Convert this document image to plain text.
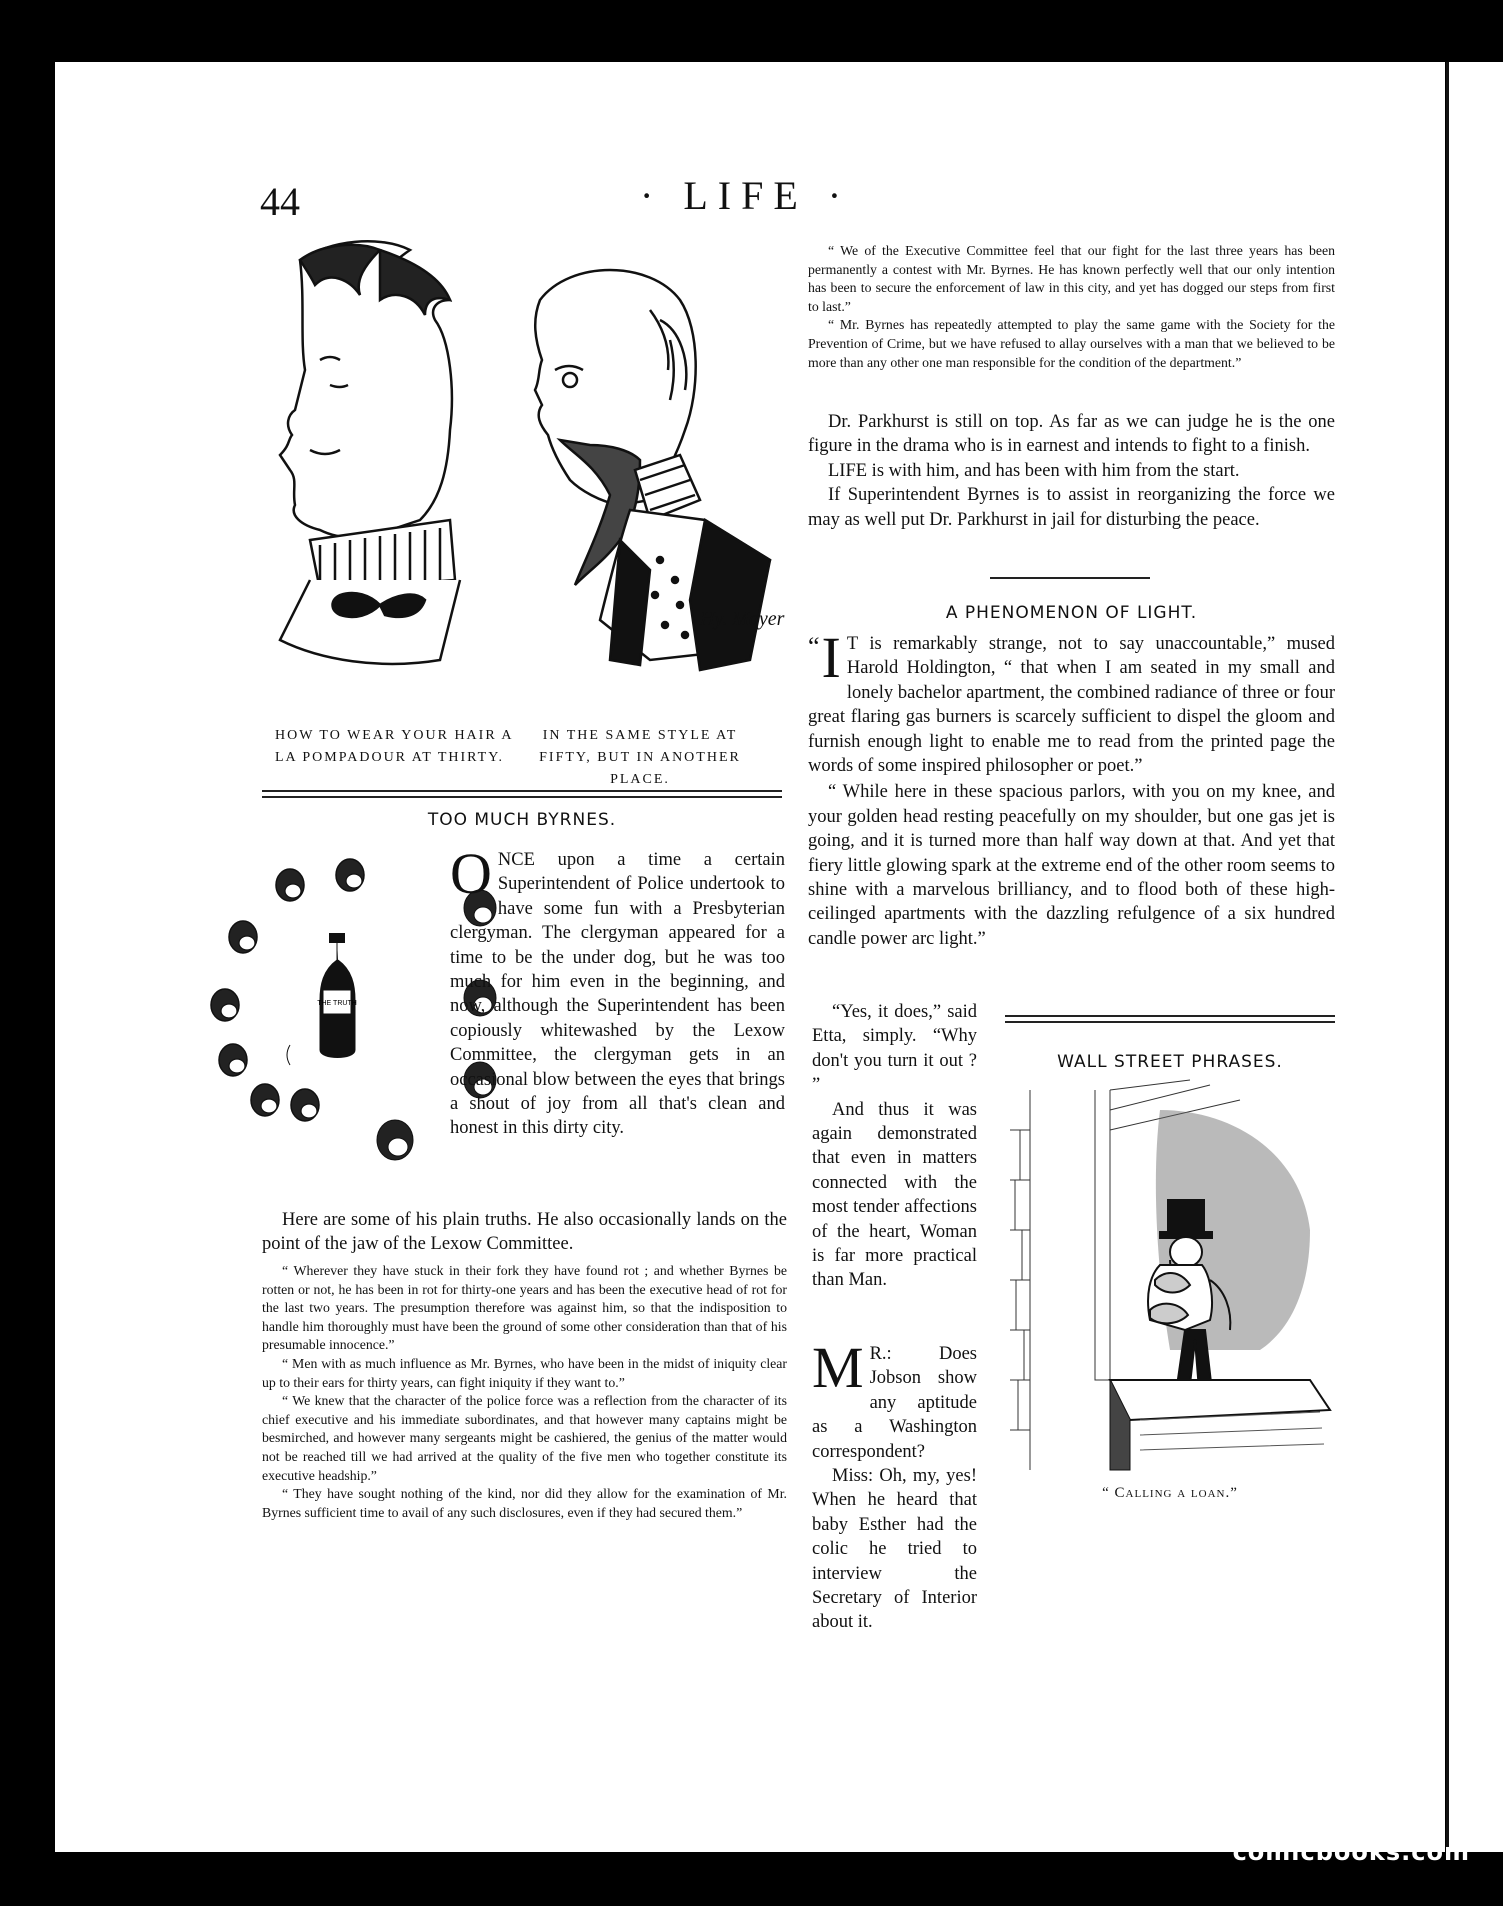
44	· LIFE ·
Hy. Mayer
HOW TO WEAR YOUR HAIR A LA POMPADOUR AT THIRTY.
IN THE SAME STYLE AT FIFTY, BUT IN ANOTHER PLACE.
TOO MUCH BYRNES.
THE TRUTH
ONCE upon a time a certain Superintendent of Police undertook to have some fun with a Presbyterian clergyman. The clergyman appeared for a time to be the under dog, but he was too much for him even in the beginning, and now, although the Superintendent has been copiously whitewashed by the Lexow Committee, the clergyman gets in an occasional blow between the eyes that brings a shout of joy from all that's clean and honest in this dirty city.

Here are some of his plain truths. He also occasionally lands on the point of the jaw of the Lexow Committee.

“ Wherever they have stuck in their fork they have found rot ; and whether Byrnes be rotten or not, he has been in rot for thirty-one years and has been the executive head of rot for the last two years. The presumption therefore was against him, so that the indisposition to handle him thoroughly must have been the ground of some other consideration than that of his presumable innocence.”

“ Men with as much influence as Mr. Byrnes, who have been in the midst of iniquity clear up to their ears for thirty years, can fight iniquity if they want to.”

“ We knew that the character of the police force was a reflection from the character of its chief executive and his immediate subordinates, and that however many captains might be besmirched, and however many sergeants might be cashiered, the genius of the matter would not be reached till we had arrived at the quality of the five men who together constitute its executive headship.”

“ They have sought nothing of the kind, nor did they allow for the examination of Mr. Byrnes sufficient time to avail of any such disclosures, even if they had secured them.”

“ We of the Executive Committee feel that our fight for the last three years has been permanently a contest with Mr. Byrnes. He has known perfectly well that our only intention has been to secure the enforcement of law in this city, and yet has dogged our steps from first to last.”

“ Mr. Byrnes has repeatedly attempted to play the same game with the Society for the Prevention of Crime, but we have refused to allay ourselves with a man that we believed to be more than any other one man responsible for the condition of the department.”

Dr. Parkhurst is still on top. As far as we can judge he is the one figure in the drama who is in earnest and intends to fight to a finish.

LIFE is with him, and has been with him from the start.

If Superintendent Byrnes is to assist in reorganizing the force we may as well put Dr. Parkhurst in jail for disturbing the peace.

A PHENOMENON OF LIGHT.
“ I T is remarkably strange, not to say unaccountable,” mused Harold Holdington, “ that when I am seated in my small and lonely bachelor apartment, the combined radiance of three or four great flaring gas burners is scarcely sufficient to dispel the gloom and furnish enough light to enable me to read from the printed page the words of some inspired philosopher or poet.”

“ While here in these spacious parlors, with you on my knee, and your golden head resting peacefully on my shoulder, but one gas jet is going, and it is turned more than half way down at that. And yet that fiery little glowing spark at the extreme end of the other room seems to shine with a marvelous brilliancy, and to flood both of these high-ceilinged apartments with the dazzling refulgence of a six hundred candle power arc light.”

“Yes, it does,” said Etta, simply. “Why don't you turn it out ? ”

And thus it was again demonstrated that even in matters connected with the most tender affections of the heart, Woman is far more practical than Man.

M R.: Does Jobson show any aptitude as a Washington correspondent?

Miss: Oh, my, yes! When he heard that baby Esther had the colic he tried to interview the Secretary of Interior about it.

WALL STREET PHRASES.
“ Calling a loan.”
comicbooks.com
